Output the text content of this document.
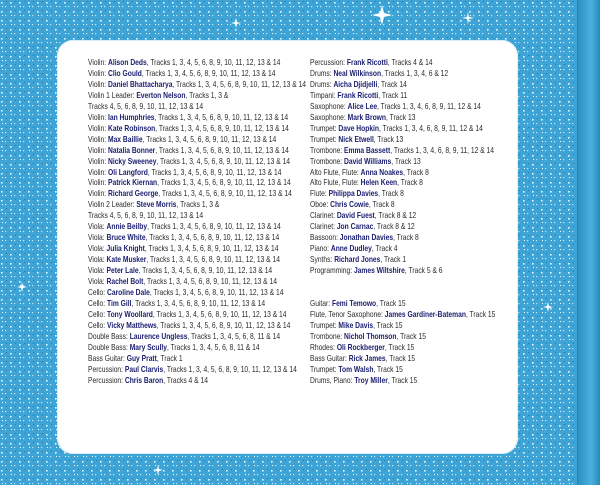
Violin: Alison Deds, Tracks 1, 3, 4, 5, 6, 8, 9, 10, 11, 12, 13 & 14
Violin: Clio Gould, Tracks 1, 3, 4, 5, 6, 8, 9, 10, 11, 12, 13 & 14
Violin: Daniel Bhattacharya, Tracks 1, 3, 4, 5, 6, 8, 9, 10, 11, 12, 13 & 14
Violin 1 Leader: Everton Nelson, Tracks 1, 3 &
Tracks 4, 5, 6, 8, 9, 10, 11, 12, 13 & 14
Violin: Ian Humphries, Tracks 1, 3, 4, 5, 6, 8, 9, 10, 11, 12, 13 & 14
Violin: Kate Robinson, Tracks 1, 3, 4, 5, 6, 8, 9, 10, 11, 12, 13 & 14
Violin: Max Baillie, Tracks 1, 3, 4, 5, 6, 8, 9, 10, 11, 12, 13 & 14
Violin: Natalia Bonner, Tracks 1, 3, 4, 5, 6, 8, 9, 10, 11, 12, 13 & 14
Violin: Nicky Sweeney, Tracks 1, 3, 4, 5, 6, 8, 9, 10, 11, 12, 13 & 14
Violin: Oli Langford, Tracks 1, 3, 4, 5, 6, 8, 9, 10, 11, 12, 13 & 14
Violin: Patrick Kiernan, Tracks 1, 3, 4, 5, 6, 8, 9, 10, 11, 12, 13 & 14
Violin: Richard George, Tracks 1, 3, 4, 5, 6, 8, 9, 10, 11, 12, 13 & 14
Violin 2 Leader: Steve Morris, Tracks 1, 3 &
Tracks 4, 5, 6, 8, 9, 10, 11, 12, 13 & 14
Viola: Annie Beilby, Tracks 1, 3, 4, 5, 6, 8, 9, 10, 11, 12, 13 & 14
Viola: Bruce White, Tracks 1, 3, 4, 5, 6, 8, 9, 10, 11, 12, 13 & 14
Viola: Julia Knight, Tracks 1, 3, 4, 5, 6, 8, 9, 10, 11, 12, 13 & 14
Viola: Kate Musker, Tracks 1, 3, 4, 5, 6, 8, 9, 10, 11, 12, 13 & 14
Viola: Peter Lale, Tracks 1, 3, 4, 5, 6, 8, 9, 10, 11, 12, 13 & 14
Viola: Rachel Bolt, Tracks 1, 3, 4, 5, 6, 8, 9, 10, 11, 12, 13 & 14
Cello: Caroline Dale, Tracks 1, 3, 4, 5, 6, 8, 9, 10, 11, 12, 13 & 14
Cello: Tim Gill, Tracks 1, 3, 4, 5, 6, 8, 9, 10, 11, 12, 13 & 14
Cello: Tony Woollard, Tracks 1, 3, 4, 5, 6, 8, 9, 10, 11, 12, 13 & 14
Cello: Vicky Matthews, Tracks 1, 3, 4, 5, 6, 8, 9, 10, 11, 12, 13 & 14
Double Bass: Laurence Ungless, Tracks 1, 3, 4, 5, 6, 8, 11 & 14
Double Bass: Mary Scully, Tracks 1, 3, 4, 5, 6, 8, 11 & 14
Bass Guitar: Guy Pratt, Track 1
Percussion: Paul Clarvis, Tracks 1, 3, 4, 5, 6, 8, 9, 10, 11, 12, 13 & 14
Percussion: Chris Baron, Tracks 4 & 14
Percussion: Frank Ricotti, Tracks 4 & 14
Drums: Neal Wilkinson, Tracks 1, 3, 4, 6 & 12
Drums: Aicha Djidjelli, Track 14
Timpani: Frank Ricotti, Track 11
Saxophone: Alice Lee, Tracks 1, 3, 4, 6, 8, 9, 11, 12 & 14
Saxophone: Mark Brown, Track 13
Trumpet: Dave Hopkin, Tracks 1, 3, 4, 6, 8, 9, 11, 12 & 14
Trumpet: Nick Etwell, Track 13
Trombone: Emma Bassett, Tracks 1, 3, 4, 6, 8, 9, 11, 12 & 14
Trombone: David Williams, Track 13
Alto Flute, Flute: Anna Noakes, Track 8
Alto Flute, Flute: Helen Keen, Track 8
Flute: Philippa Davies, Track 8
Oboe: Chris Cowie, Track 8
Clarinet: David Fuest, Track 8 & 12
Clarinet: Jon Carnac, Track 8 & 12
Bassoon: Jonathan Davies, Track 8
Piano: Anne Dudley, Track 4
Synths: Richard Jones, Track 1
Programming: James Wiltshire, Track 5 & 6
Guitar: Femi Temowo, Track 15
Flute, Tenor Saxophone: James Gardiner-Bateman, Track 15
Trumpet: Mike Davis, Track 15
Trombone: Nichol Thomson, Track 15
Rhodes: Oli Rockberger, Track 15
Bass Guitar: Rick James, Track 15
Trumpet: Tom Walsh, Track 15
Drums, Piano: Troy Miller, Track 15
